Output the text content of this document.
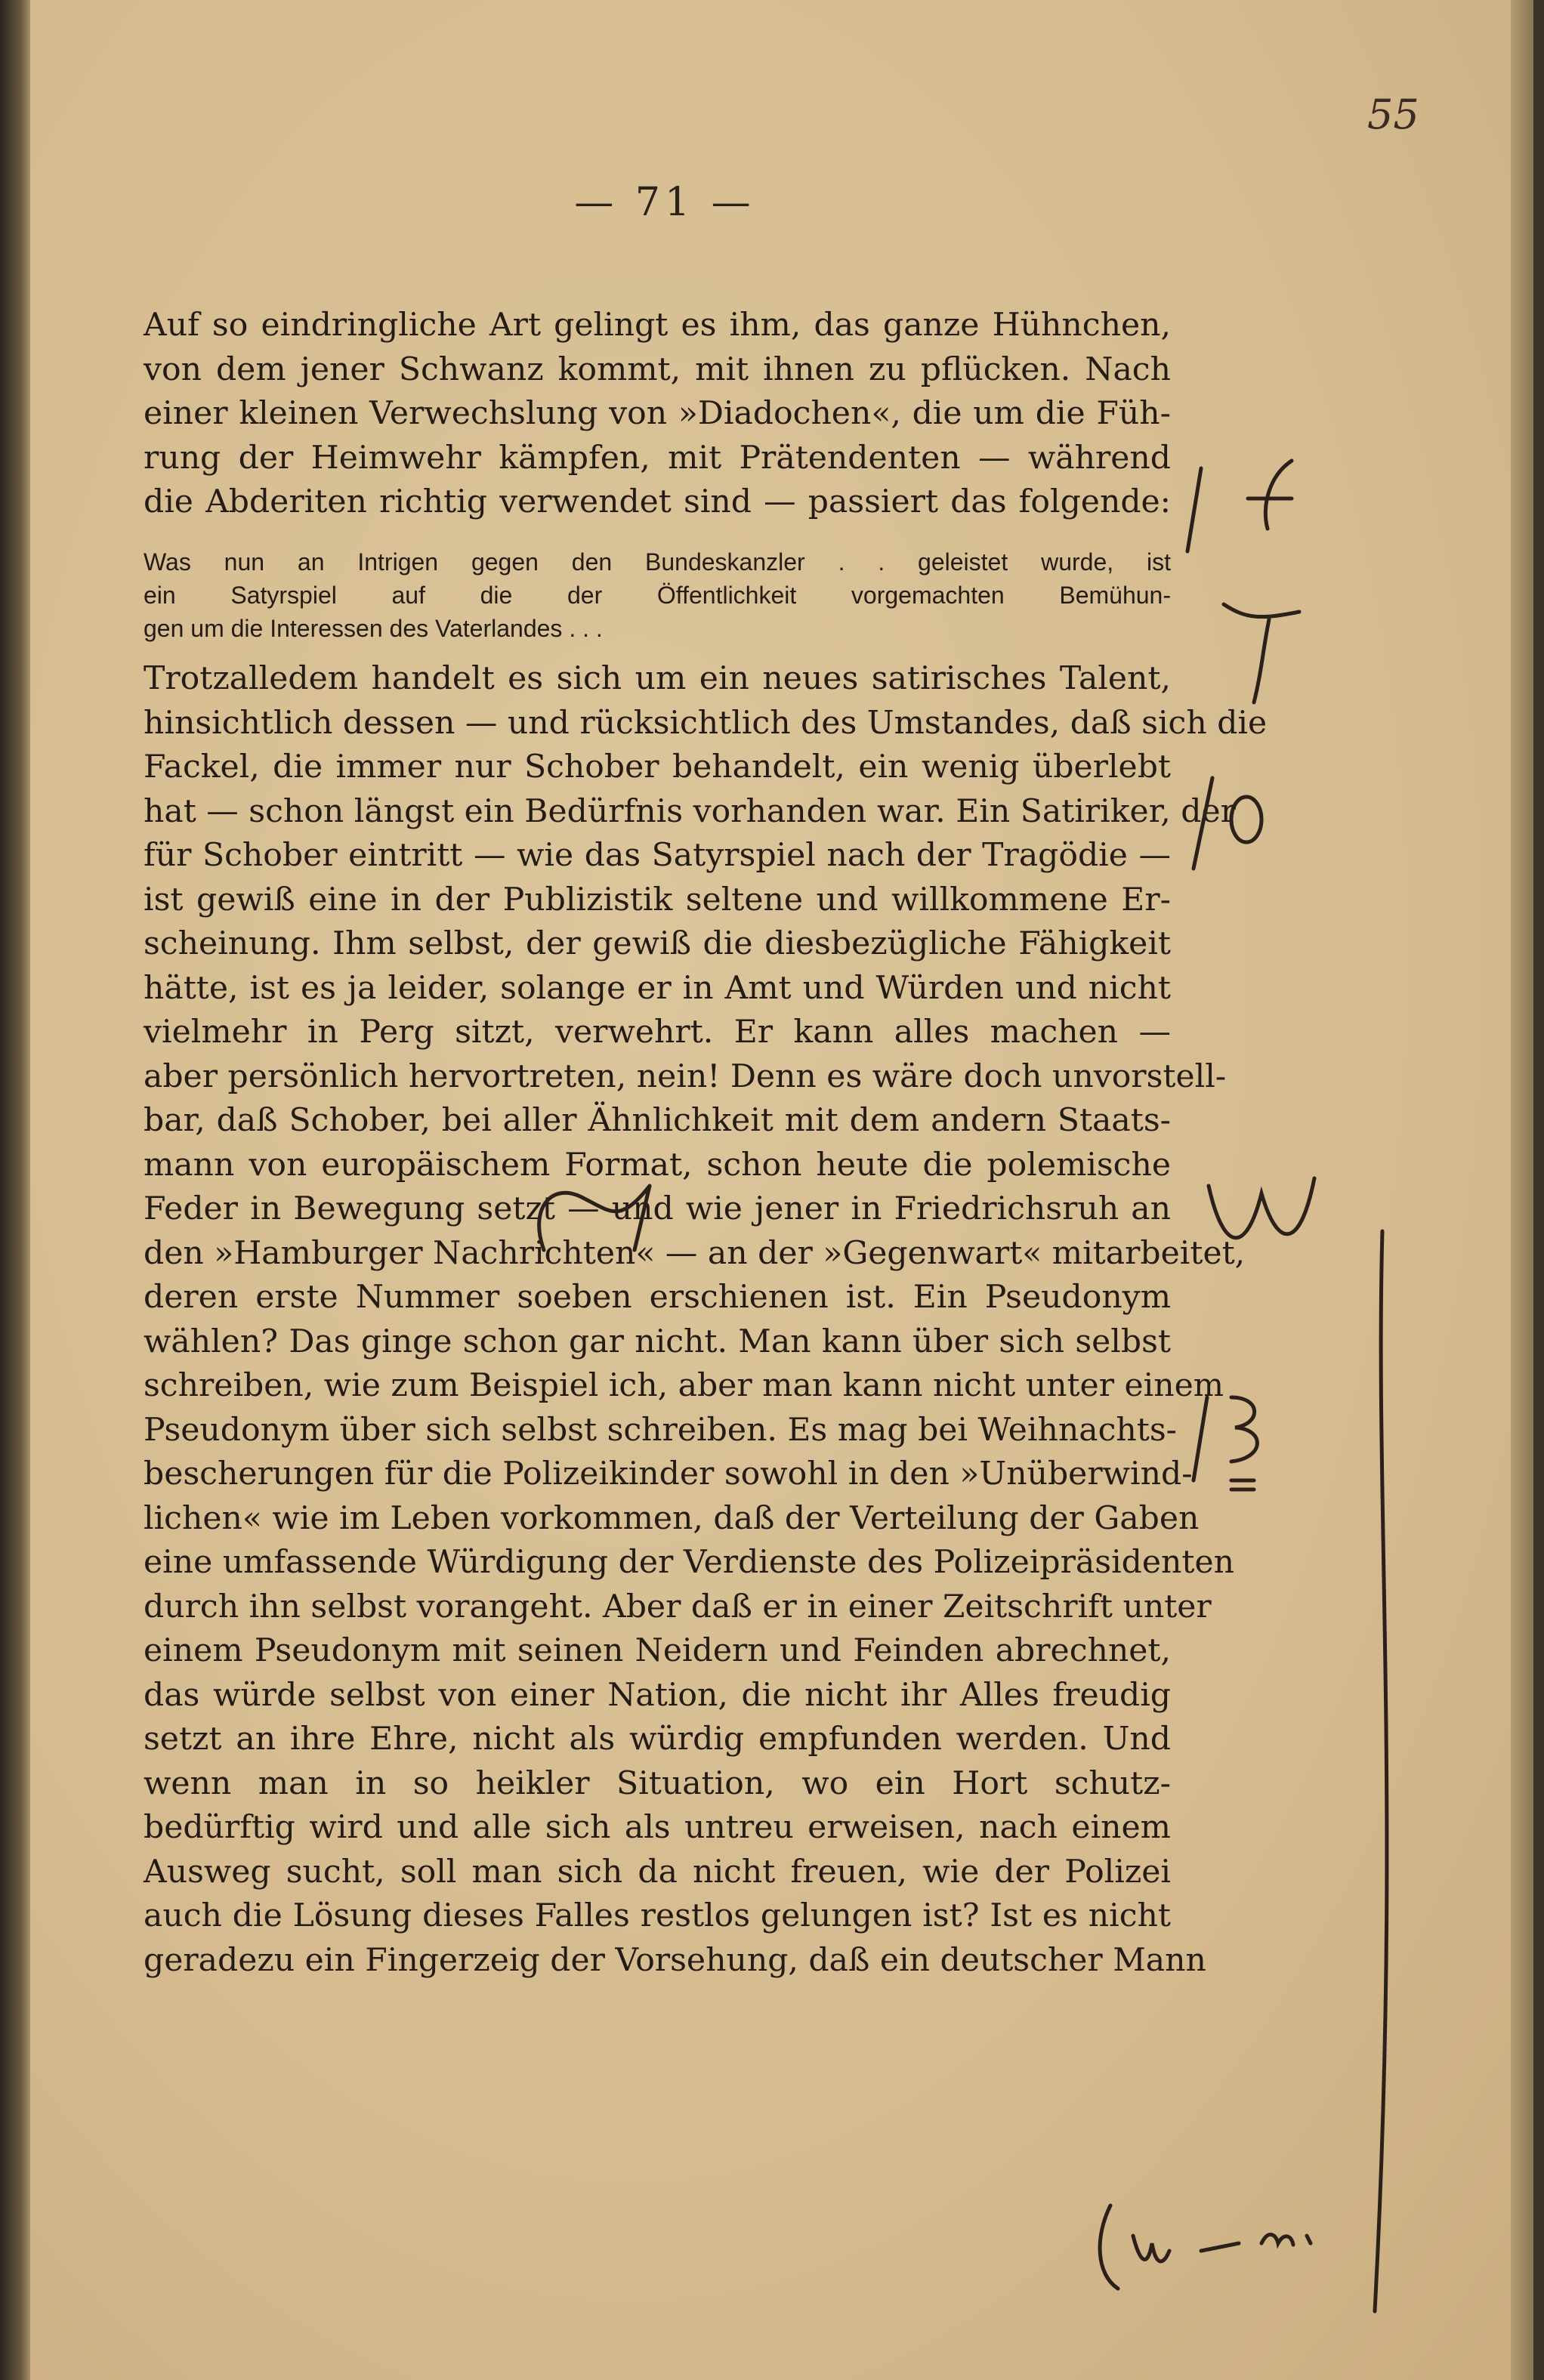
— 71 —
55
Auf so eindringliche Art gelingt es ihm, das ganze Hühnchen,
von dem jener Schwanz kommt, mit ihnen zu pflücken. Nach
einer kleinen Verwechslung von »Diadochen«, die um die Füh-
rung der Heimwehr kämpfen, mit Prätendenten — während
die Abderiten richtig verwendet sind — passiert das folgende:
Was nun an Intrigen gegen den Bundeskanzler . . geleistet wurde, ist
ein Satyrspiel auf die der Öffentlichkeit vorgemachten Bemühun-
gen um die Interessen des Vaterlandes . . .
Trotzalledem handelt es sich um ein neues satirisches Talent,
hinsichtlich dessen — und rücksichtlich des Umstandes, daß sich die
Fackel, die immer nur Schober behandelt, ein wenig überlebt
hat — schon längst ein Bedürfnis vorhanden war. Ein Satiriker, der
für Schober eintritt — wie das Satyrspiel nach der Tragödie —
ist gewiß eine in der Publizistik seltene und willkommene Er-
scheinung. Ihm selbst, der gewiß die diesbezügliche Fähigkeit
hätte, ist es ja leider, solange er in Amt und Würden und nicht
vielmehr in Perg sitzt, verwehrt. Er kann alles machen —
aber persönlich hervortreten, nein! Denn es wäre doch unvorstell-
bar, daß Schober, bei aller Ähnlichkeit mit dem andern Staats-
mann von europäischem Format, schon heute die polemische
Feder in Bewegung setzt — und wie jener in Friedrichsruh an
den »Hamburger Nachrichten« — an der »Gegenwart« mitarbeitet,
deren erste Nummer soeben erschienen ist. Ein Pseudonym
wählen? Das ginge schon gar nicht. Man kann über sich selbst
schreiben, wie zum Beispiel ich, aber man kann nicht unter einem
Pseudonym über sich selbst schreiben. Es mag bei Weihnachts-
bescherungen für die Polizeikinder sowohl in den »Unüberwind-
lichen« wie im Leben vorkommen, daß der Verteilung der Gaben
eine umfassende Würdigung der Verdienste des Polizeipräsidenten
durch ihn selbst vorangeht. Aber daß er in einer Zeitschrift unter
einem Pseudonym mit seinen Neidern und Feinden abrechnet,
das würde selbst von einer Nation, die nicht ihr Alles freudig
setzt an ihre Ehre, nicht als würdig empfunden werden. Und
wenn man in so heikler Situation, wo ein Hort schutz-
bedürftig wird und alle sich als untreu erweisen, nach einem
Ausweg sucht, soll man sich da nicht freuen, wie der Polizei
auch die Lösung dieses Falles restlos gelungen ist? Ist es nicht
geradezu ein Fingerzeig der Vorsehung, daß ein deutscher Mann
